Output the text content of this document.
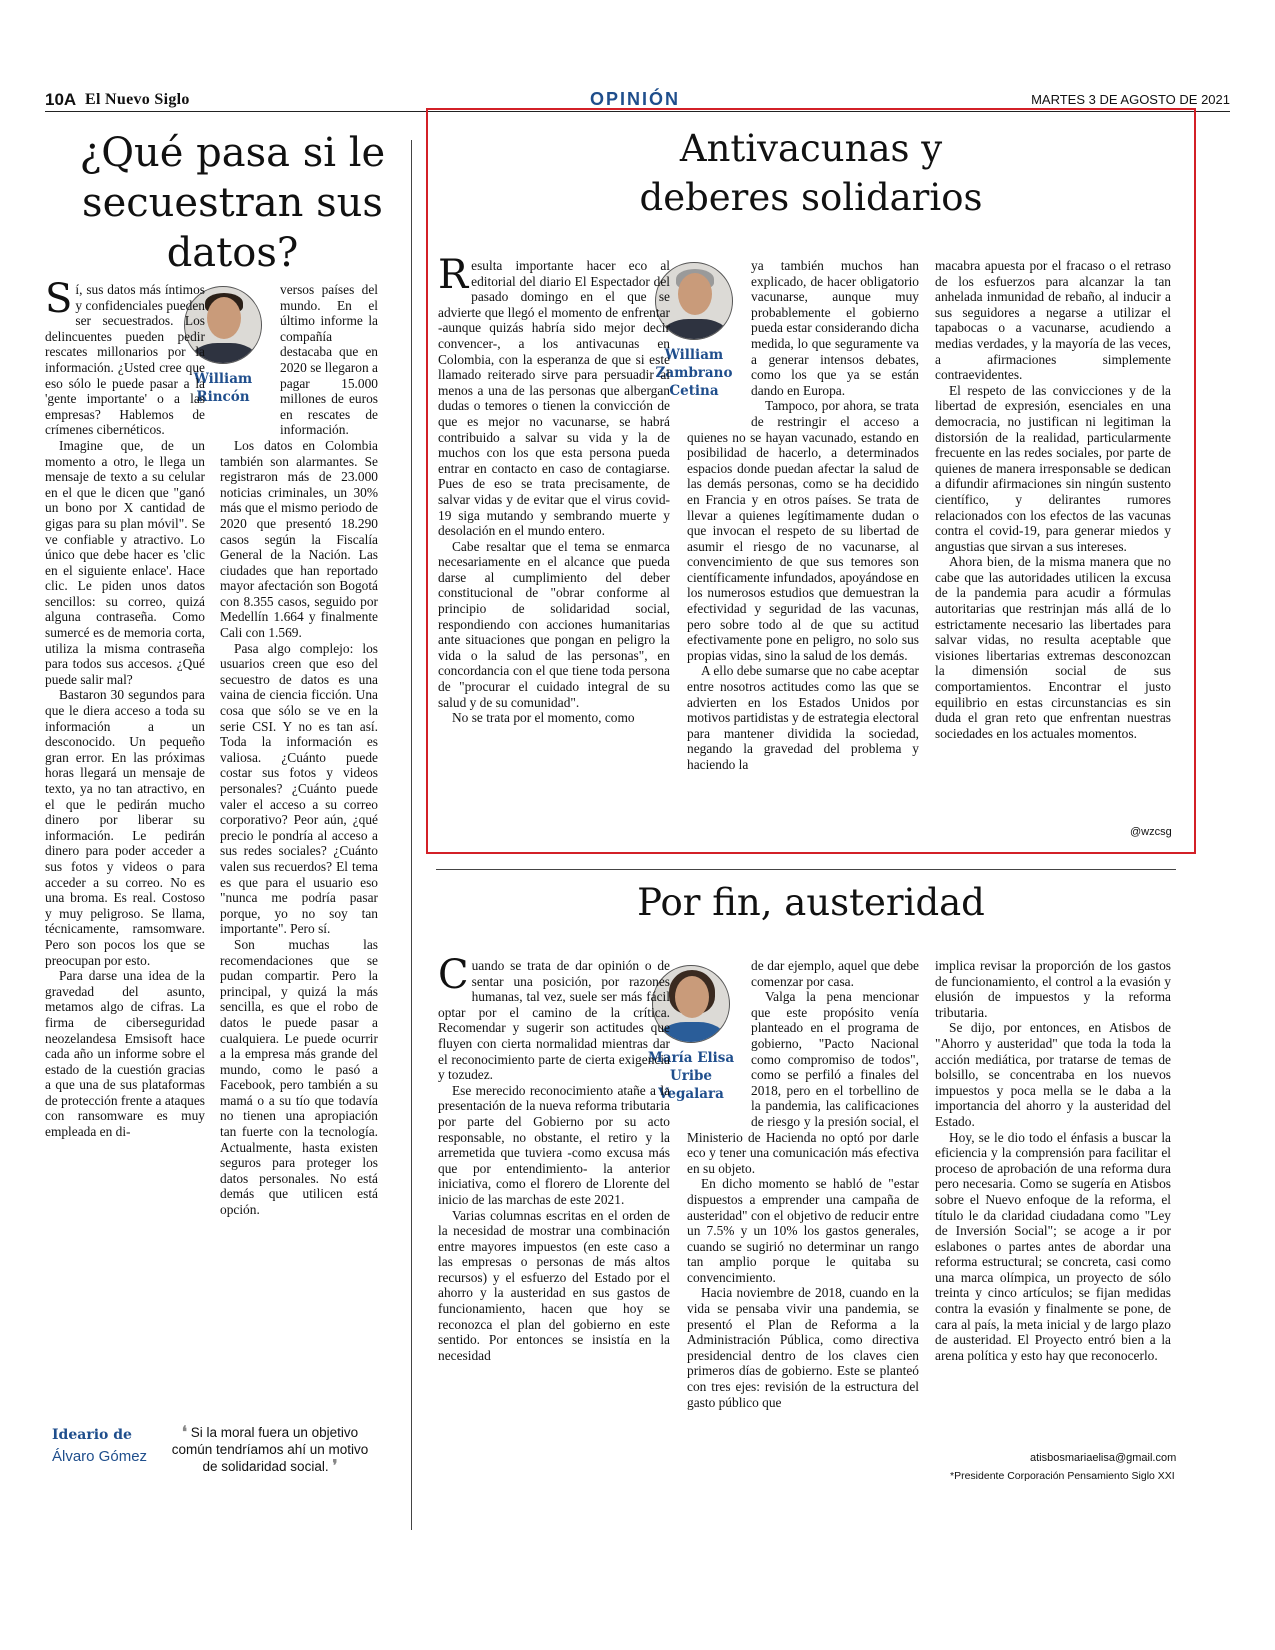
10A El Nuevo Siglo	OPINIÓN	MARTES 3 DE AGOSTO DE 2021
¿Qué pasa si le secuestran sus datos?
William Rincón

Sí, sus datos más íntimos y confidenciales pueden ser secuestrados. Los delincuentes pueden pedir rescates millonarios por la información. ¿Usted cree que eso sólo le puede pasar a la 'gente importante' o a las empresas? Hablemos de crímenes cibernéticos.

Imagine que, de un momento a otro, le llega un mensaje de texto a su celular en el que le dicen que "ganó un bono por X cantidad de gigas para su plan móvil". Se ve confiable y atractivo. Lo único que debe hacer es 'clic en el siguiente enlace'. Hace clic. Le piden unos datos sencillos: su correo, quizá alguna contraseña. Como sumercé es de memoria corta, utiliza la misma contraseña para todos sus accesos. ¿Qué puede salir mal?

Bastaron 30 segundos para que le diera acceso a toda su información a un desconocido. Un pequeño gran error. En las próximas horas llegará un mensaje de texto, ya no tan atractivo, en el que le pedirán mucho dinero por liberar su información. Le pedirán dinero para poder acceder a sus fotos y videos o para acceder a su correo. No es una broma. Es real. Costoso y muy peligroso. Se llama, técnicamente, ramsomware. Pero son pocos los que se preocupan por esto.

Para darse una idea de la gravedad del asunto, metamos algo de cifras. La firma de ciberseguridad neozelandesa Emsisoft hace cada año un informe sobre el estado de la cuestión gracias a que una de sus plataformas de protección frente a ataques con ransomware es muy empleada en di-

versos países del mundo. En el último informe la compañía destacaba que en 2020 se llegaron a pagar 15.000 millones de euros en rescates de información.

Los datos en Colombia también son alarmantes. Se registraron más de 23.000 noticias criminales, un 30% más que el mismo periodo de 2020 que presentó 18.290 casos según la Fiscalía General de la Nación. Las ciudades que han reportado mayor afectación son Bogotá con 8.355 casos, seguido por Medellín 1.664 y finalmente Cali con 1.569.

Pasa algo complejo: los usuarios creen que eso del secuestro de datos es una vaina de ciencia ficción. Una cosa que sólo se ve en la serie CSI. Y no es tan así. Toda la información es valiosa. ¿Cuánto puede costar sus fotos y videos personales? ¿Cuánto puede valer el acceso a su correo corporativo? Peor aún, ¿qué precio le pondría al acceso a sus redes sociales? ¿Cuánto valen sus recuerdos? El tema es que para el usuario eso "nunca me podría pasar porque, yo no soy tan importante". Pero sí.

Son muchas las recomendaciones que se pudan compartir. Pero la principal, y quizá la más sencilla, es que el robo de datos le puede pasar a cualquiera. Le puede ocurrir a la empresa más grande del mundo, como le pasó a Facebook, pero también a su mamá o a su tío que todavía no tienen una apropiación tan fuerte con la tecnología. Actualmente, hasta existen seguros para proteger los datos personales. No está demás que utilicen está opción.

Ideario de
Álvaro Gómez
❛ Si la moral fuera un objetivo común tendríamos ahí un motivo de solidaridad social. ❜
Antivacunas y
deberes solidarios
William Zambrano Cetina

Resulta importante hacer eco al editorial del diario El Espectador del pasado domingo en el que se advierte que llegó el momento de enfrentar -aunque quizás habría sido mejor decir convencer-, a los antivacunas en Colombia, con la esperanza de que si este llamado reiterado sirve para persuadir al menos a una de las personas que albergan dudas o temores o tienen la convicción de que es mejor no vacunarse, se habrá contribuido a salvar su vida y la de muchos con los que esta persona pueda entrar en contacto en caso de contagiarse. Pues de eso se trata precisamente, de salvar vidas y de evitar que el virus covid-19 siga mutando y sembrando muerte y desolación en el mundo entero.

Cabe resaltar que el tema se enmarca necesariamente en el alcance que pueda darse al cumplimiento del deber constitucional de "obrar conforme al principio de solidaridad social, respondiendo con acciones humanitarias ante situaciones que pongan en peligro la vida o la salud de las personas", en concordancia con el que tiene toda persona de "procurar el cuidado integral de su salud y de su comunidad".

No se trata por el momento, como

ya también muchos han explicado, de hacer obligatorio vacunarse, aunque muy probablemente el gobierno pueda estar considerando dicha medida, lo que seguramente va a generar intensos debates, como los que ya se están dando en Europa.

Tampoco, por ahora, se trata de restringir el acceso a quienes no se hayan vacunado, estando en posibilidad de hacerlo, a determinados espacios donde puedan afectar la salud de las demás personas, como se ha decidido en Francia y en otros países. Se trata de llevar a quienes legítimamente dudan o que invocan el respeto de su libertad de asumir el riesgo de no vacunarse, al convencimiento de que sus temores son científicamente infundados, apoyándose en los numerosos estudios que demuestran la efectividad y seguridad de las vacunas, pero sobre todo al de que su actitud efectivamente pone en peligro, no solo sus propias vidas, sino la salud de los demás.

A ello debe sumarse que no cabe aceptar entre nosotros actitudes como las que se advierten en los Estados Unidos por motivos partidistas y de estrategia electoral para mantener dividida la sociedad, negando la gravedad del problema y haciendo la

macabra apuesta por el fracaso o el retraso de los esfuerzos para alcanzar la tan anhelada inmunidad de rebaño, al inducir a sus seguidores a negarse a utilizar el tapabocas o a vacunarse, acudiendo a medias verdades, y la mayoría de las veces, a afirmaciones simplemente contraevidentes.

El respeto de las convicciones y de la libertad de expresión, esenciales en una democracia, no justifican ni legitiman la distorsión de la realidad, particularmente frecuente en las redes sociales, por parte de quienes de manera irresponsable se dedican a difundir afirmaciones sin ningún sustento científico, y delirantes rumores relacionados con los efectos de las vacunas contra el covid-19, para generar miedos y angustias que sirvan a sus intereses.

Ahora bien, de la misma manera que no cabe que las autoridades utilicen la excusa de la pandemia para acudir a fórmulas autoritarias que restrinjan más allá de lo estrictamente necesario las libertades para salvar vidas, no resulta aceptable que visiones libertarias extremas desconozcan la dimensión social de sus comportamientos. Encontrar el justo equilibrio en estas circunstancias es sin duda el gran reto que enfrentan nuestras sociedades en los actuales momentos.

@wzcsg
Por fin, austeridad
María Elisa Uribe Vegalara

Cuando se trata de dar opinión o de sentar una posición, por razones humanas, tal vez, suele ser más fácil optar por el camino de la crítica. Recomendar y sugerir son actitudes que fluyen con cierta normalidad mientras dar el reconocimiento parte de cierta exigencia y tozudez.

Ese merecido reconocimiento atañe a la presentación de la nueva reforma tributaria por parte del Gobierno por su acto responsable, no obstante, el retiro y la arremetida que tuviera -como excusa más que por entendimiento- la anterior iniciativa, como el florero de Llorente del inicio de las marchas de este 2021.

Varias columnas escritas en el orden de la necesidad de mostrar una combinación entre mayores impuestos (en este caso a las empresas o personas de más altos recursos) y el esfuerzo del Estado por el ahorro y la austeridad en sus gastos de funcionamiento, hacen que hoy se reconozca el plan del gobierno en este sentido. Por entonces se insistía en la necesidad

de dar ejemplo, aquel que debe comenzar por casa.

Valga la pena mencionar que este propósito venía planteado en el programa de gobierno, "Pacto Nacional como compromiso de todos", como se perfiló a finales del 2018, pero en el torbellino de la pandemia, las calificaciones de riesgo y la presión social, el Ministerio de Hacienda no optó por darle eco y tener una comunicación más efectiva en su objeto.

En dicho momento se habló de "estar dispuestos a emprender una campaña de austeridad" con el objetivo de reducir entre un 7.5% y un 10% los gastos generales, cuando se sugirió no determinar un rango tan amplio porque le quitaba su convencimiento.

Hacia noviembre de 2018, cuando en la vida se pensaba vivir una pandemia, se presentó el Plan de Reforma a la Administración Pública, como directiva presidencial dentro de los claves cien primeros días de gobierno. Este se planteó con tres ejes: revisión de la estructura del gasto público que

implica revisar la proporción de los gastos de funcionamiento, el control a la evasión y elusión de impuestos y la reforma tributaria.

Se dijo, por entonces, en Atisbos de "Ahorro y austeridad" que toda la toda la acción mediática, por tratarse de temas de bolsillo, se concentraba en los nuevos impuestos y poca mella se le daba a la importancia del ahorro y la austeridad del Estado.

Hoy, se le dio todo el énfasis a buscar la eficiencia y la comprensión para facilitar el proceso de aprobación de una reforma dura pero necesaria. Como se sugería en Atisbos sobre el Nuevo enfoque de la reforma, el título le da claridad ciudadana como "Ley de Inversión Social"; se acoge a ir por eslabones o partes antes de abordar una reforma estructural; se concreta, casi como una marca olímpica, un proyecto de sólo treinta y cinco artículos; se fijan medidas contra la evasión y finalmente se pone, de cara al país, la meta inicial y de largo plazo de austeridad. El Proyecto entró bien a la arena política y esto hay que reconocerlo.

atisbosmariaelisa@gmail.com
*Presidente Corporación Pensamiento Siglo XXI
